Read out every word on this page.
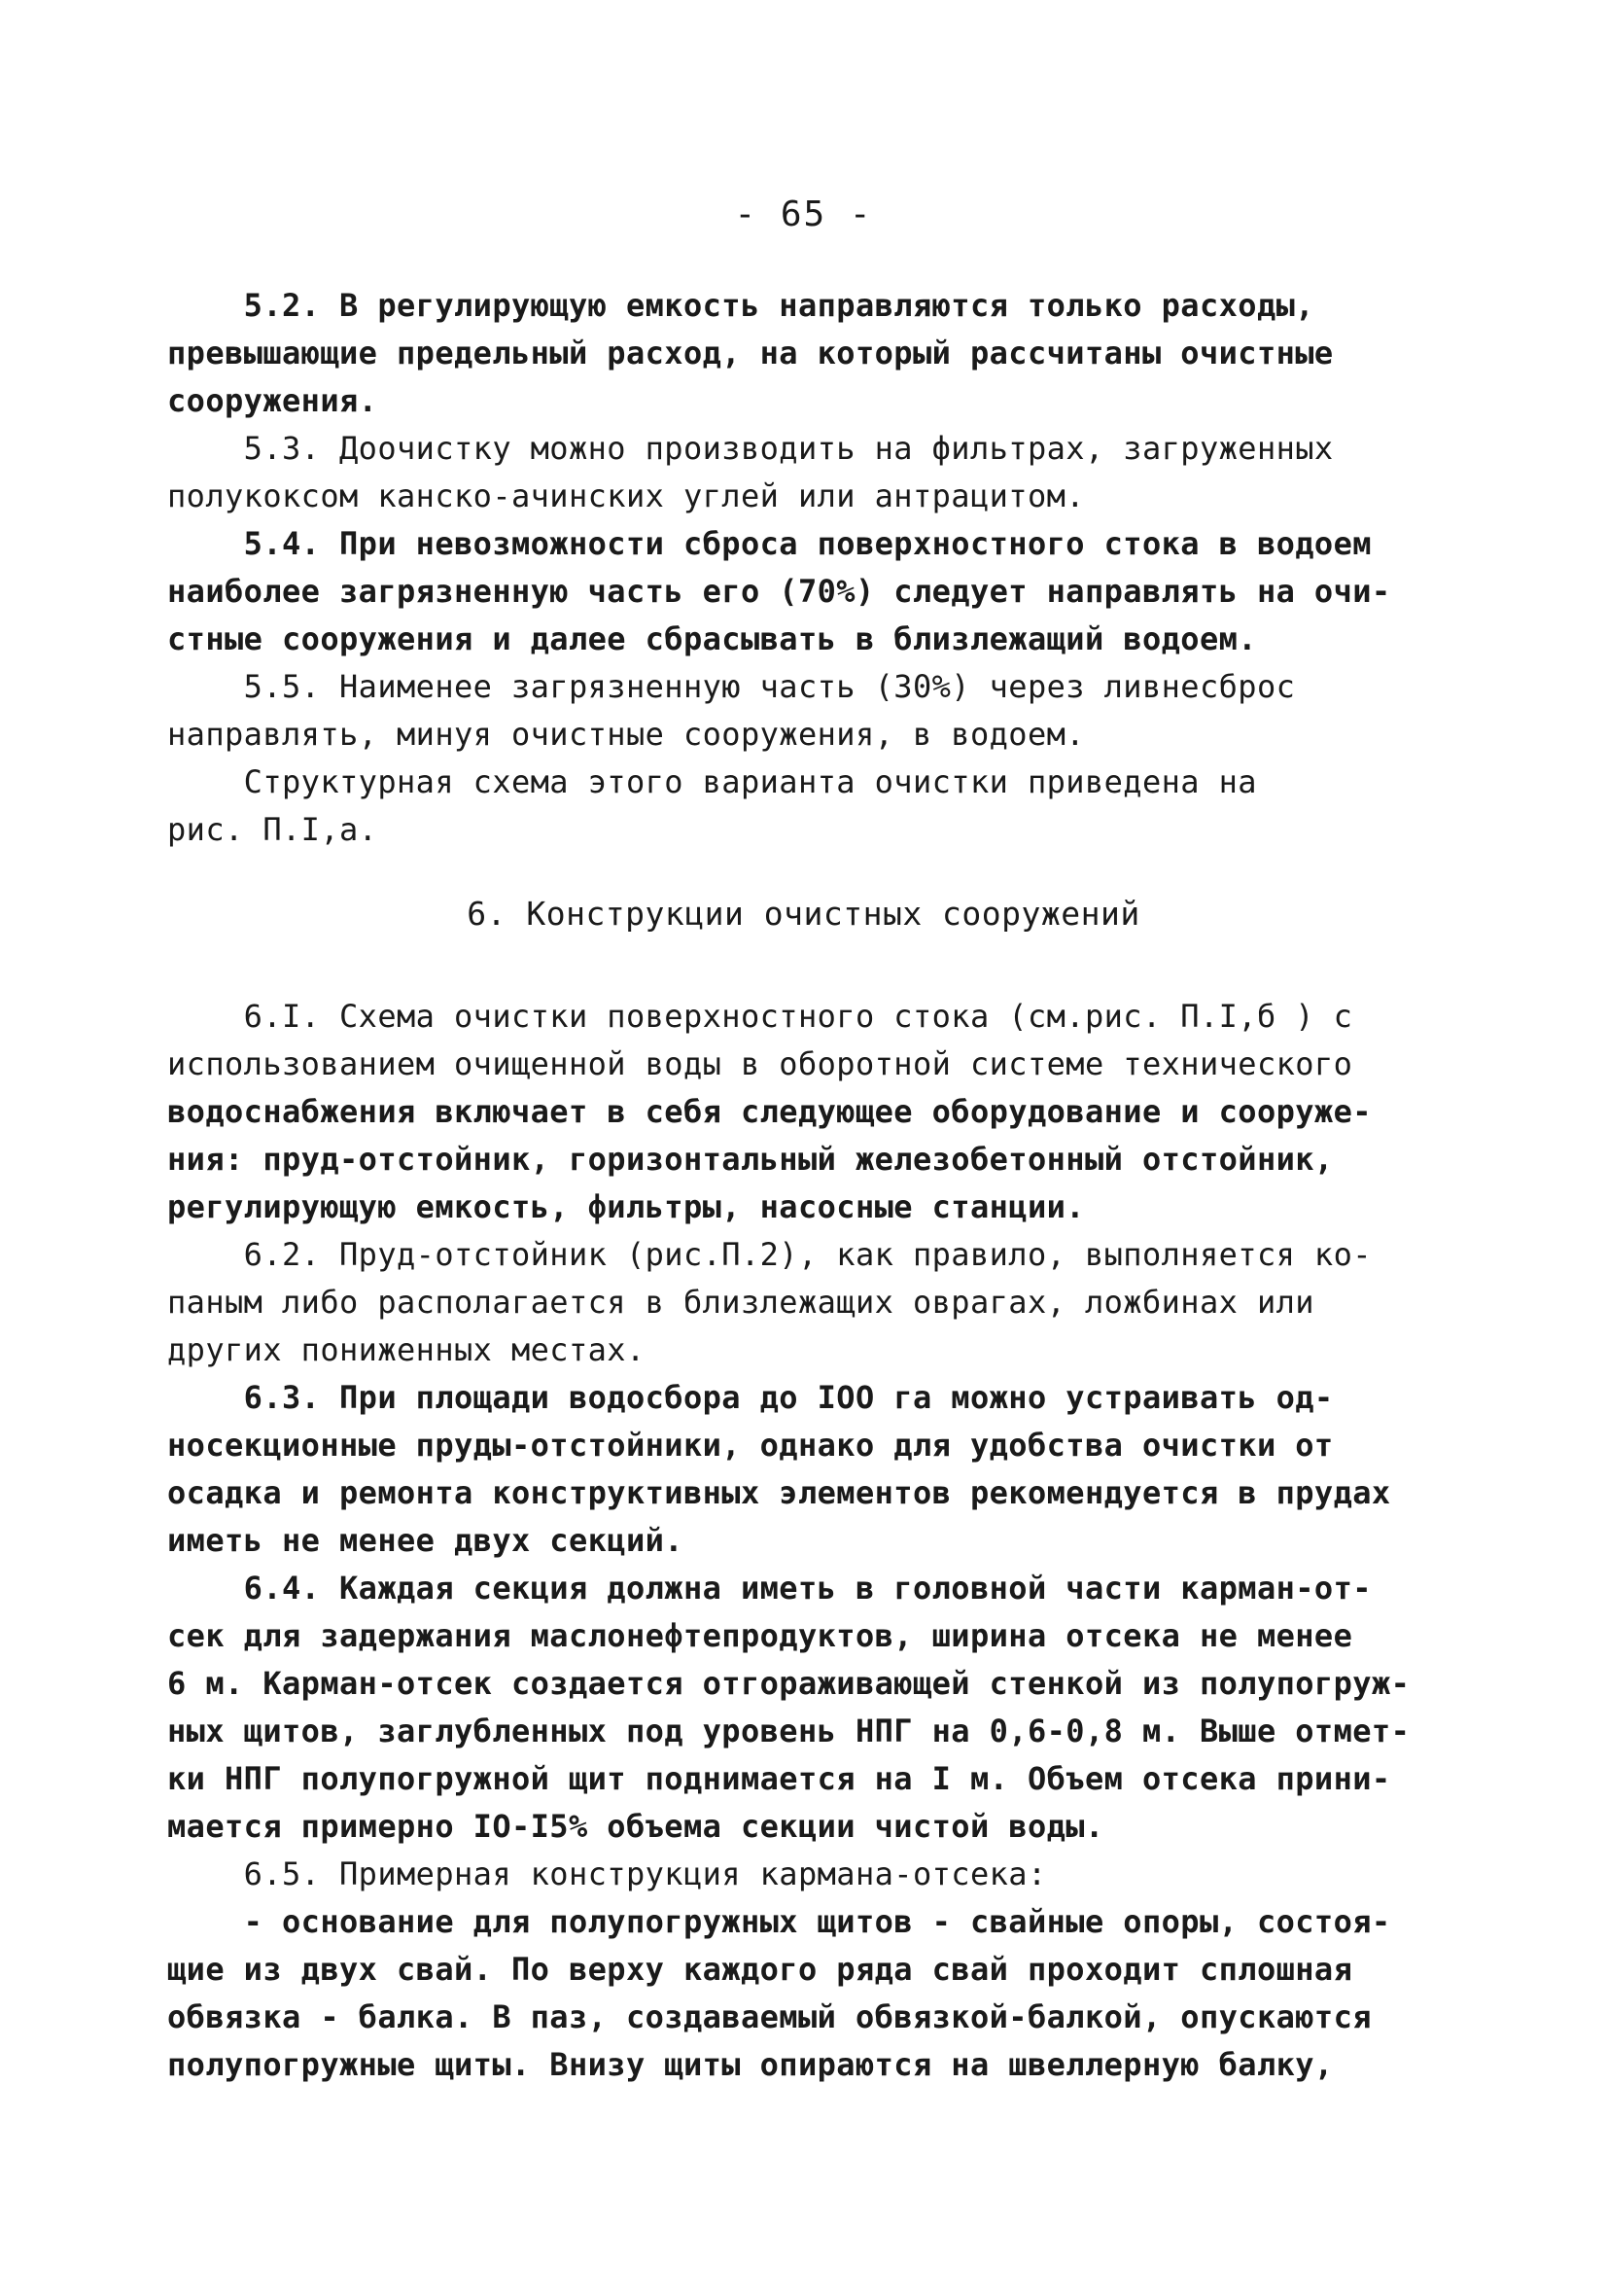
- 65 -
5.2. В регулирующую емкость направляются только расходы,
превышающие предельный расход, на который рассчитаны очистные
сооружения.
5.3. Доочистку можно производить на фильтрах, загруженных
полукоксом канско-ачинских углей или антрацитом.
5.4. При невозможности сброса поверхностного стока в водоем
наиболее загрязненную часть его (70%) следует направлять на очи-
стные сооружения и далее сбрасывать в близлежащий водоем.
5.5. Наименее загрязненную часть (30%) через ливнесброс
направлять, минуя очистные сооружения, в водоем.
Структурная схема этого варианта очистки приведена на
рис. П.I,а.
6. Конструкции очистных сооружений
6.I. Схема очистки поверхностного стока (см.рис. П.I,б ) с
использованием очищенной воды в оборотной системе технического
водоснабжения включает в себя следующее оборудование и сооруже-
ния: пруд-отстойник, горизонтальный железобетонный отстойник,
регулирующую емкость, фильтры, насосные станции.
6.2. Пруд-отстойник (рис.П.2), как правило, выполняется ко-
паным либо располагается в близлежащих оврагах, ложбинах или
других пониженных местах.
6.3. При площади водосбора до IOO га можно устраивать од-
носекционные пруды-отстойники, однако для удобства очистки от
осадка и ремонта конструктивных элементов рекомендуется в прудах
иметь не менее двух секций.
6.4. Каждая секция должна иметь в головной части карман-от-
сек для задержания маслонефтепродуктов, ширина отсека не менее
6 м. Карман-отсек создается отгораживающей стенкой из полупогруж-
ных щитов, заглубленных под уровень НПГ на 0,6-0,8 м. Выше отмет-
ки НПГ полупогружной щит поднимается на I м. Объем отсека прини-
мается примерно IO-I5% объема секции чистой воды.
6.5. Примерная конструкция кармана-отсека:
- основание для полупогружных щитов - свайные опоры, состоя-
щие из двух свай. По верху каждого ряда свай проходит сплошная
обвязка - балка. В паз, создаваемый обвязкой-балкой, опускаются
полупогружные щиты. Внизу щиты опираются на швеллерную балку,
